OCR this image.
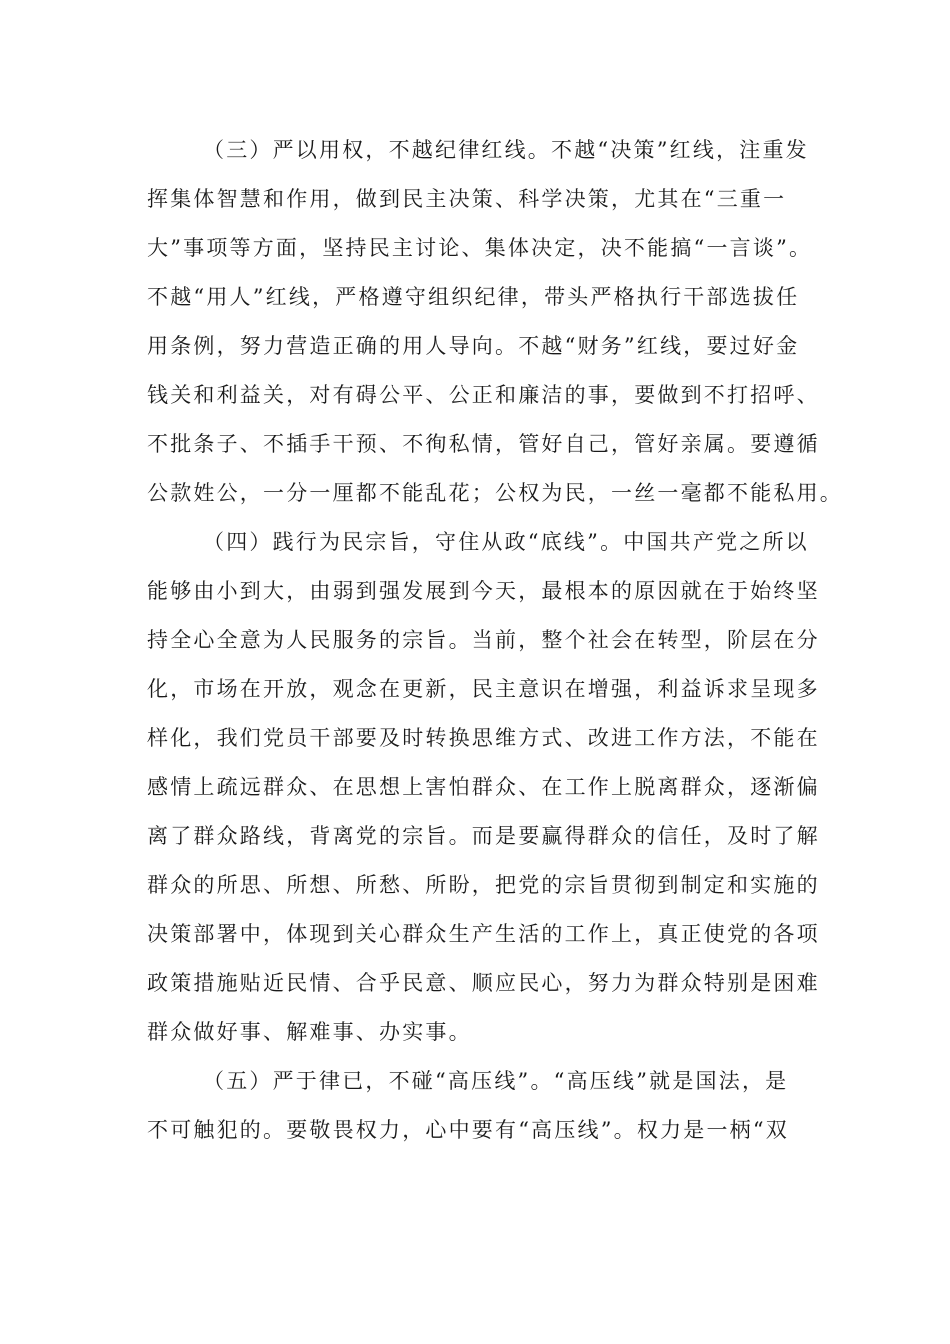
（三）严以用权，不越纪律红线。不越“决策”红线，注重发
挥集体智慧和作用，做到民主决策、科学决策，尤其在“三重一
大”事项等方面，坚持民主讨论、集体决定，决不能搞“一言谈”。
不越“用人”红线，严格遵守组织纪律，带头严格执行干部选拔任
用条例，努力营造正确的用人导向。不越“财务”红线，要过好金
钱关和利益关，对有碍公平、公正和廉洁的事，要做到不打招呼、
不批条子、不插手干预、不徇私情，管好自己，管好亲属。要遵循
公款姓公，一分一厘都不能乱花；公权为民，一丝一毫都不能私用。
（四）践行为民宗旨，守住从政“底线”。中国共产党之所以
能够由小到大，由弱到强发展到今天，最根本的原因就在于始终坚
持全心全意为人民服务的宗旨。当前，整个社会在转型，阶层在分
化，市场在开放，观念在更新，民主意识在增强，利益诉求呈现多
样化，我们党员干部要及时转换思维方式、改进工作方法，不能在
感情上疏远群众、在思想上害怕群众、在工作上脱离群众，逐渐偏
离了群众路线，背离党的宗旨。而是要赢得群众的信任，及时了解
群众的所思、所想、所愁、所盼，把党的宗旨贯彻到制定和实施的
决策部署中，体现到关心群众生产生活的工作上，真正使党的各项
政策措施贴近民情、合乎民意、顺应民心，努力为群众特别是困难
群众做好事、解难事、办实事。
（五）严于律已，不碰“高压线”。“高压线”就是国法，是
不可触犯的。要敬畏权力，心中要有“高压线”。权力是一柄“双
